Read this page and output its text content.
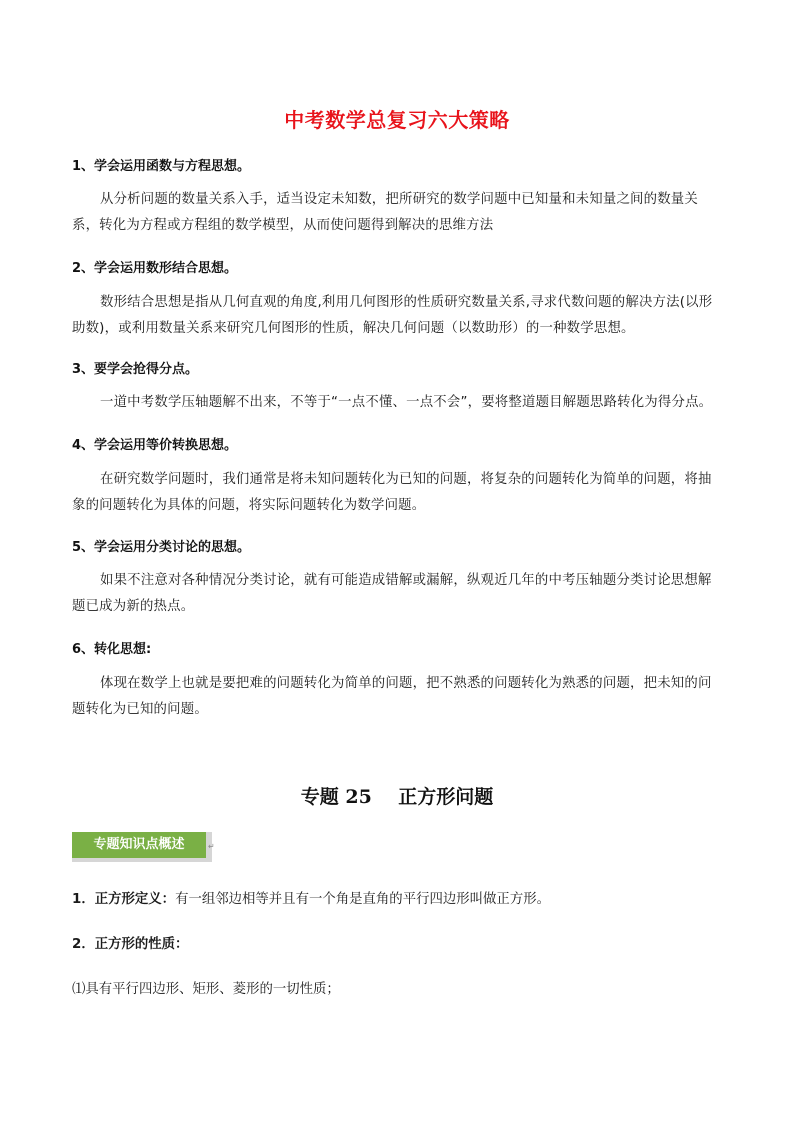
中考数学总复习六大策略
1、学会运用函数与方程思想。
从分析问题的数量关系入手，适当设定未知数，把所研究的数学问题中已知量和未知量之间的数量关系，转化为方程或方程组的数学模型，从而使问题得到解决的思维方法
2、学会运用数形结合思想。
数形结合思想是指从几何直观的角度,利用几何图形的性质研究数量关系,寻求代数问题的解决方法(以形助数)，或利用数量关系来研究几何图形的性质，解决几何问题（以数助形）的一种数学思想。
3、要学会抢得分点。
一道中考数学压轴题解不出来，不等于“一点不懂、一点不会”，要将整道题目解题思路转化为得分点。
4、学会运用等价转换思想。
在研究数学问题时，我们通常是将未知问题转化为已知的问题，将复杂的问题转化为简单的问题，将抽象的问题转化为具体的问题，将实际问题转化为数学问题。
5、学会运用分类讨论的思想。
如果不注意对各种情况分类讨论，就有可能造成错解或漏解，纵观近几年的中考压轴题分类讨论思想解题已成为新的热点。
6、转化思想:
体现在数学上也就是要把难的问题转化为简单的问题，把不熟悉的问题转化为熟悉的问题，把未知的问题转化为已知的问题。
专题 25    正方形问题
专题知识点概述	↵
1．正方形定义：有一组邻边相等并且有一个角是直角的平行四边形叫做正方形。
2．正方形的性质：
⑴具有平行四边形、矩形、菱形的一切性质；
